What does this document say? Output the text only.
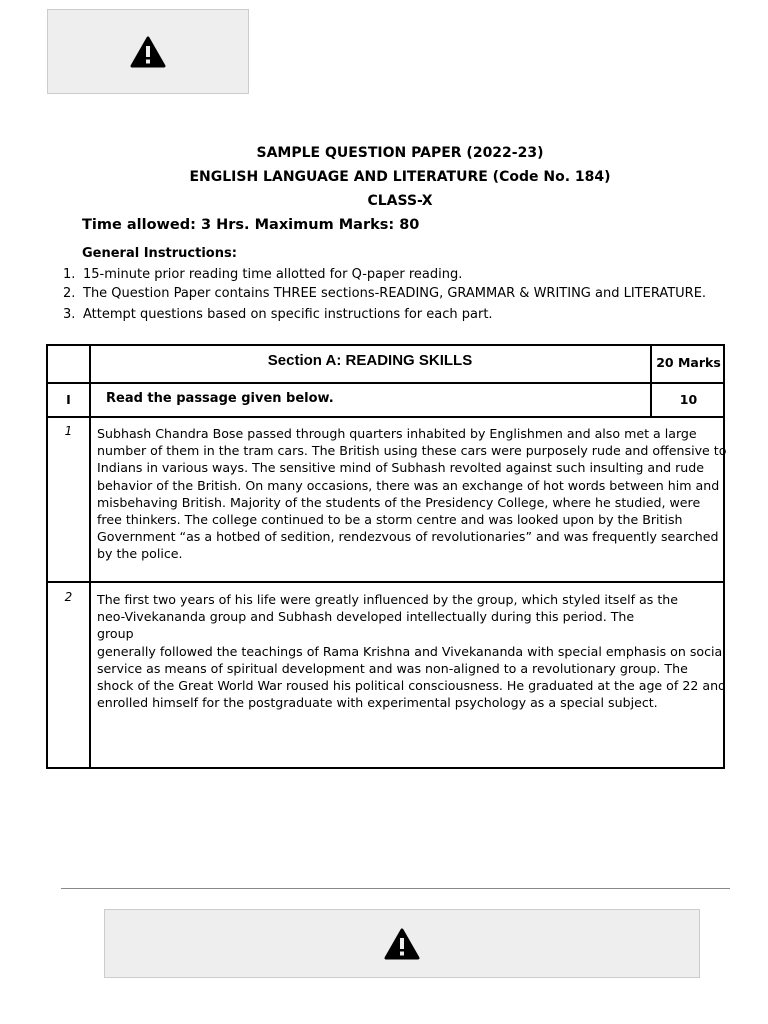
SAMPLE QUESTION PAPER (2022-23)
ENGLISH LANGUAGE AND LITERATURE (Code No. 184)
CLASS-X
Time allowed: 3 Hrs. Maximum Marks: 80
General Instructions:
1. 15-minute prior reading time allotted for Q-paper reading.
2. The Question Paper contains THREE sections-READING, GRAMMAR & WRITING and LITERATURE.
3. Attempt questions based on specific instructions for each part.
Section A: READING SKILLS	20 Marks
I	Read the passage given below.	10
1	Subhash Chandra Bose passed through quarters inhabited by Englishmen and also met a large
number of them in the tram cars. The British using these cars were purposely rude and offensive to
Indians in various ways. The sensitive mind of Subhash revolted against such insulting and rude
behavior of the British. On many occasions, there was an exchange of hot words between him and
misbehaving British. Majority of the students of the Presidency College, where he studied, were
free thinkers. The college continued to be a storm centre and was looked upon by the British
Government “as a hotbed of sedition, rendezvous of revolutionaries” and was frequently searched
by the police.
2	The first two years of his life were greatly influenced by the group, which styled itself as the
neo-Vivekananda group and Subhash developed intellectually during this period. The
group
generally followed the teachings of Rama Krishna and Vivekananda with special emphasis on social
service as means of spiritual development and was non-aligned to a revolutionary group. The
shock of the Great World War roused his political consciousness. He graduated at the age of 22 and
enrolled himself for the postgraduate with experimental psychology as a special subject.
